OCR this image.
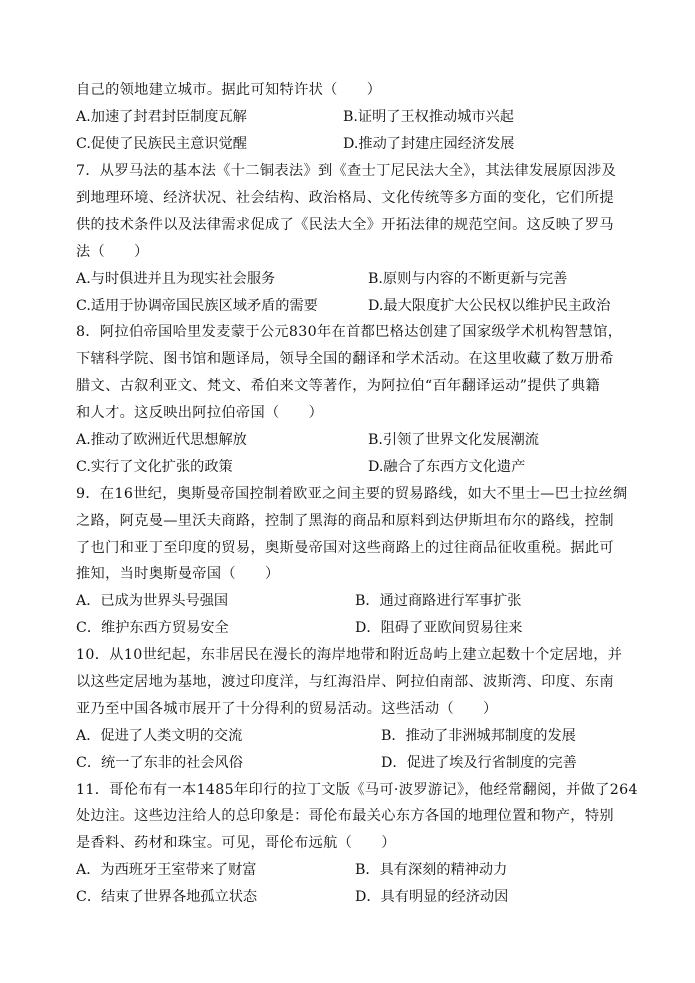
自己的领地建立城市。据此可知特许状（　　）
A.加速了封君封臣制度瓦解	B.证明了王权推动城市兴起
C.促使了民族民主意识觉醒	D.推动了封建庄园经济发展
7．从罗马法的基本法《十二铜表法》到《查士丁尼民法大全》，其法律发展原因涉及
到地理环境、经济状况、社会结构、政治格局、文化传统等多方面的变化，它们所提
供的技术条件以及法律需求促成了《民法大全》开拓法律的规范空间。这反映了罗马
法（　　）
A.与时俱进并且为现实社会服务	B.原则与内容的不断更新与完善
C.适用于协调帝国民族区域矛盾的需要	D.最大限度扩大公民权以维护民主政治
8．阿拉伯帝国哈里发麦蒙于公元830年在首都巴格达创建了国家级学术机构智慧馆，
下辖科学院、图书馆和题译局，领导全国的翻译和学术活动。在这里收藏了数万册希
腊文、古叙利亚文、梵文、希伯来文等著作，为阿拉伯“百年翻译运动”提供了典籍
和人才。这反映出阿拉伯帝国（　　）
A.推动了欧洲近代思想解放	B.引领了世界文化发展潮流
C.实行了文化扩张的政策	D.融合了东西方文化遗产
9．在16世纪，奥斯曼帝国控制着欧亚之间主要的贸易路线，如大不里士—巴士拉丝绸
之路，阿克曼—里沃夫商路，控制了黑海的商品和原料到达伊斯坦布尔的路线，控制
了也门和亚丁至印度的贸易，奥斯曼帝国对这些商路上的过往商品征收重税。据此可
推知，当时奥斯曼帝国（　　）
A．已成为世界头号强国	B．通过商路进行军事扩张
C．维护东西方贸易安全	D．阻碍了亚欧间贸易往来
10．从10世纪起，东非居民在漫长的海岸地带和附近岛屿上建立起数十个定居地，并
以这些定居地为基地，渡过印度洋，与红海沿岸、阿拉伯南部、波斯湾、印度、东南
亚乃至中国各城市展开了十分得利的贸易活动。这些活动（　　）
A．促进了人类文明的交流	B．推动了非洲城邦制度的发展
C．统一了东非的社会风俗	D．促进了埃及行省制度的完善
11．哥伦布有一本1485年印行的拉丁文版《马可·波罗游记》，他经常翻阅，并做了264
处边注。这些边注给人的总印象是：哥伦布最关心东方各国的地理位置和物产，特别
是香料、药材和珠宝。可见，哥伦布远航（　　）
A．为西班牙王室带来了财富	B．具有深刻的精神动力
C．结束了世界各地孤立状态	D．具有明显的经济动因
